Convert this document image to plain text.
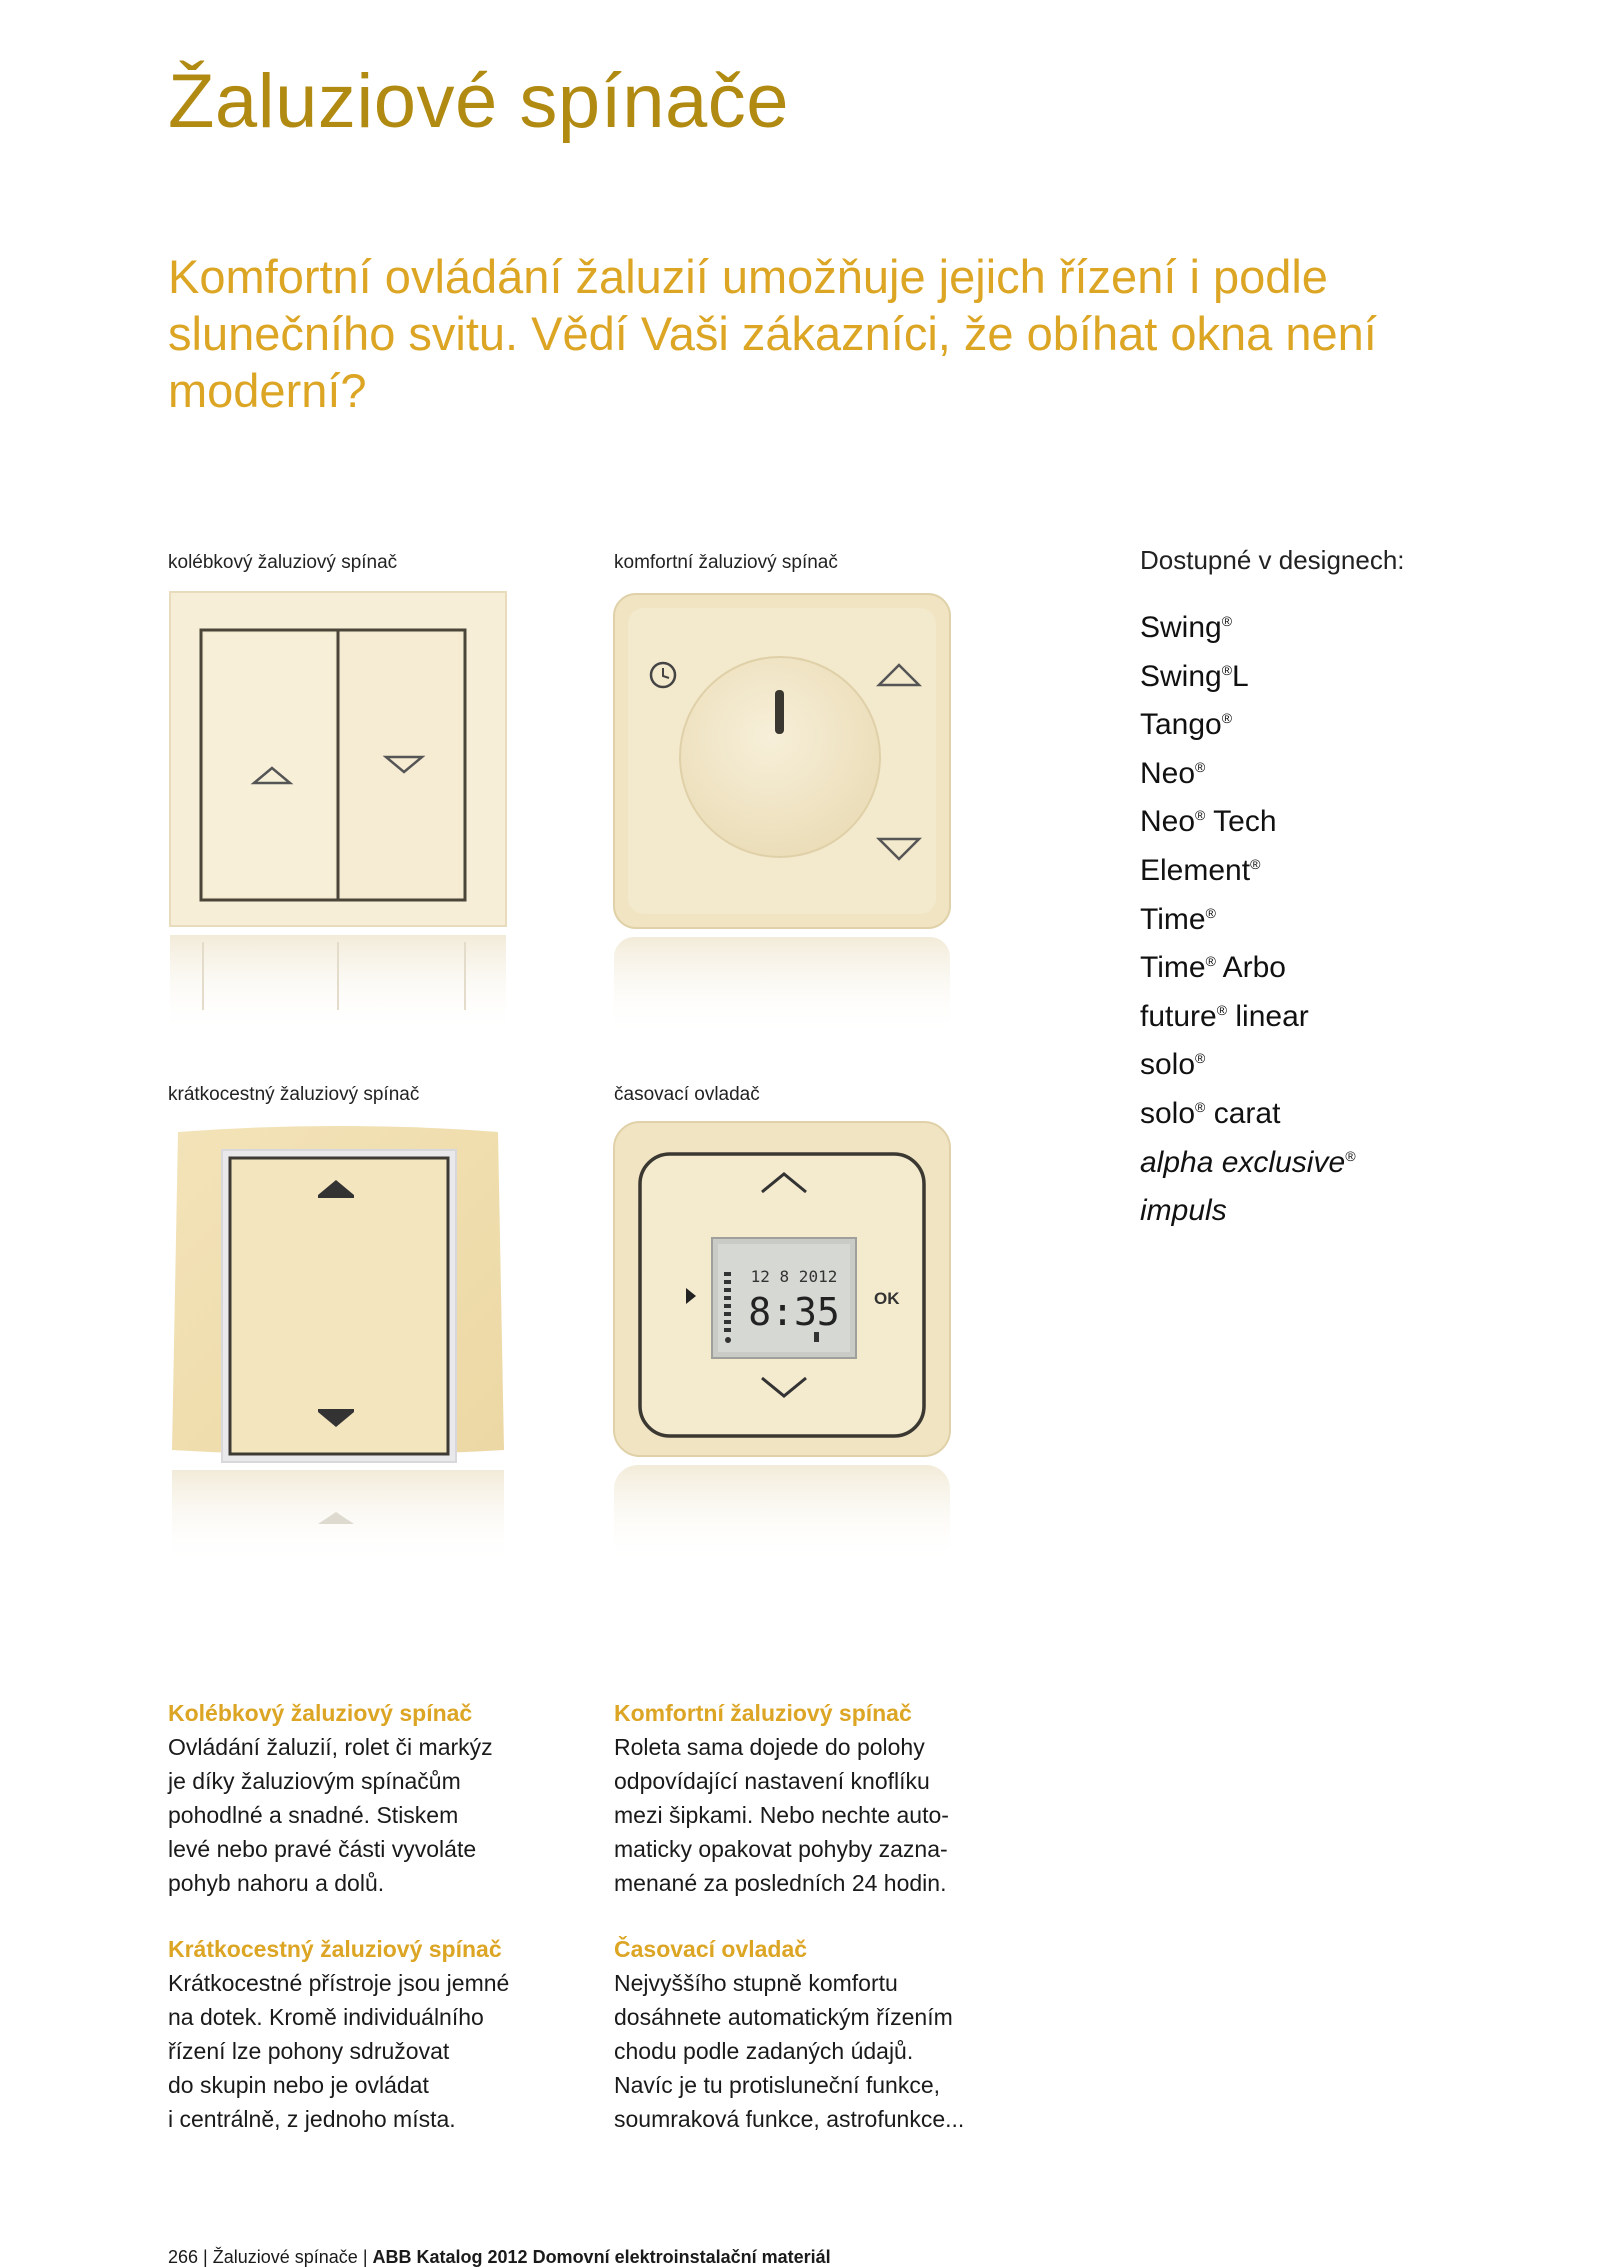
Žaluziové spínače

Komfortní ovládání žaluzií umožňuje jejich řízení i podle slunečního svitu. Vědí Vaši zákazníci, že obíhat okna není moderní?

kolébkový žaluziový spínač	komfortní žaluziový spínač
krátkocestný žaluziový spínač	časovací ovladač
12 8 2012
8:35 OK
Dostupné v designech:
Swing®
Swing®L
Tango®
Neo®
Neo® Tech
Element®
Time®
Time® Arbo
future® linear
solo®
solo® carat
alpha exclusive®
impuls
Kolébkový žaluziový spínač

Ovládání žaluzií, rolet či markýz
je díky žaluziovým spínačům
pohodlné a snadné. Stiskem
levé nebo pravé části vyvoláte
pohyb nahoru a dolů.

Komfortní žaluziový spínač

Roleta sama dojede do polohy
odpovídající nastavení knoflíku
mezi šipkami. Nebo nechte auto-
maticky opakovat pohyby zazna-
menané za posledních 24 hodin.

Krátkocestný žaluziový spínač

Krátkocestné přístroje jsou jemné
na dotek. Kromě individuálního
řízení lze pohony sdružovat
do skupin nebo je ovládat
i centrálně, z jednoho místa.

Časovací ovladač

Nejvyššího stupně komfortu
dosáhnete automatickým řízením
chodu podle zadaných údajů.
Navíc je tu protisluneční funkce,
soumraková funkce, astrofunkce...

266 | Žaluziové spínače | ABB Katalog 2012 Domovní elektroinstalační materiál
